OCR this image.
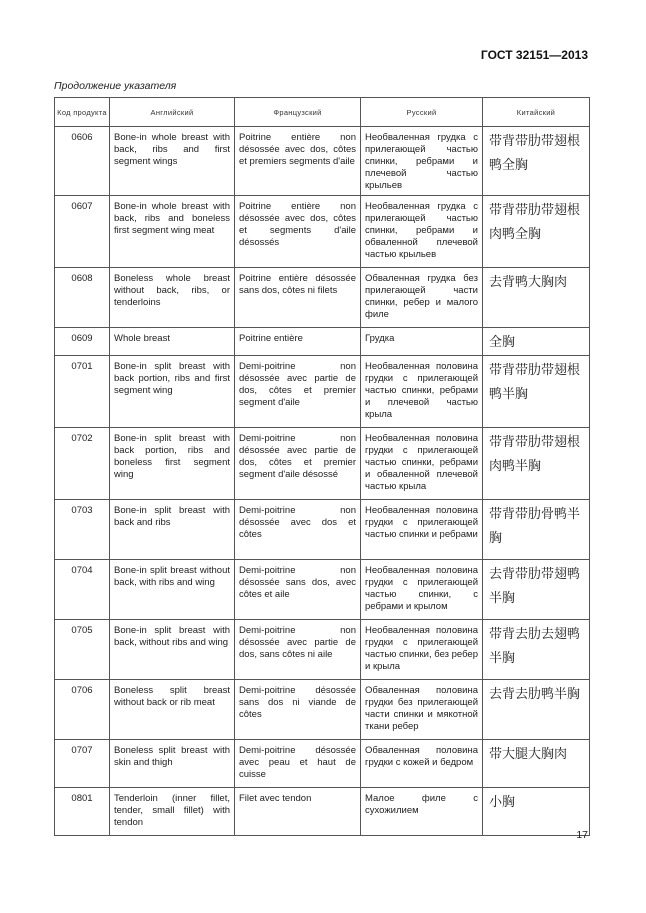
ГОСТ 32151—2013
Продолжение указателя
Код продукта	Английский	Французский	Русский	Китайский
0606	Bone-in whole breast with back, ribs and first segment wings	Poitrine entière non désossée avec dos, côtes et premiers segments d'aile	Необваленная грудка с прилегающей частью спинки, ребрами и плечевой частью крыльев	带背带肋带翅根鸭全胸
0607	Bone-in whole breast with back, ribs and boneless first segment wing meat	Poitrine entière non désossée avec dos, côtes et segments d'aile désossés	Необваленная грудка с прилегающей частью спинки, ребрами и обваленной плечевой частью крыльев	带背带肋带翅根肉鸭全胸
0608	Boneless whole breast without back, ribs, or tenderloins	Poitrine entière désossée sans dos, côtes ni filets	Обваленная грудка без прилегающей части спинки, ребер и малого филе	去背鸭大胸肉
0609	Whole breast	Poitrine entière	Грудка	全胸
0701	Bone-in split breast with back portion, ribs and first segment wing	Demi-poitrine non désossée avec partie de dos, côtes et premier segment d'aile	Необваленная половина грудки с прилегающей частью спинки, ребрами и плечевой частью крыла	带背带肋带翅根鸭半胸
0702	Bone-in split breast with back portion, ribs and boneless first segment wing	Demi-poitrine non désossée avec partie de dos, côtes et premier segment d'aile désossé	Необваленная половина грудки с прилегающей частью спинки, ребрами и обваленной плечевой частью крыла	带背带肋带翅根肉鸭半胸
0703	Bone-in split breast with back and ribs	Demi-poitrine non désossée avec dos et côtes	Необваленная половина грудки с прилегающей частью спинки и ребрами	带背带肋骨鸭半胸
0704	Bone-in split breast without back, with ribs and wing	Demi-poitrine non désossée sans dos, avec côtes et aile	Необваленная половина грудки с прилегающей частью спинки, с ребрами и крылом	去背带肋带翅鸭半胸
0705	Bone-in split breast with back, without ribs and wing	Demi-poitrine non désossée avec partie de dos, sans côtes ni aile	Необваленная половина грудки с прилегающей частью спинки, без ребер и крыла	带背去肋去翅鸭半胸
0706	Boneless split breast without back or rib meat	Demi-poitrine désossée sans dos ni viande de côtes	Обваленная половина грудки без прилегающей части спинки и мякотной ткани ребер	去背去肋鸭半胸
0707	Boneless split breast with skin and thigh	Demi-poitrine désossée avec peau et haut de cuisse	Обваленная половина грудки с кожей и бедром	带大腿大胸肉
0801	Tenderloin (inner fillet, tender, small fillet) with tendon	Filet avec tendon	Малое филе с сухожилием	小胸
17
